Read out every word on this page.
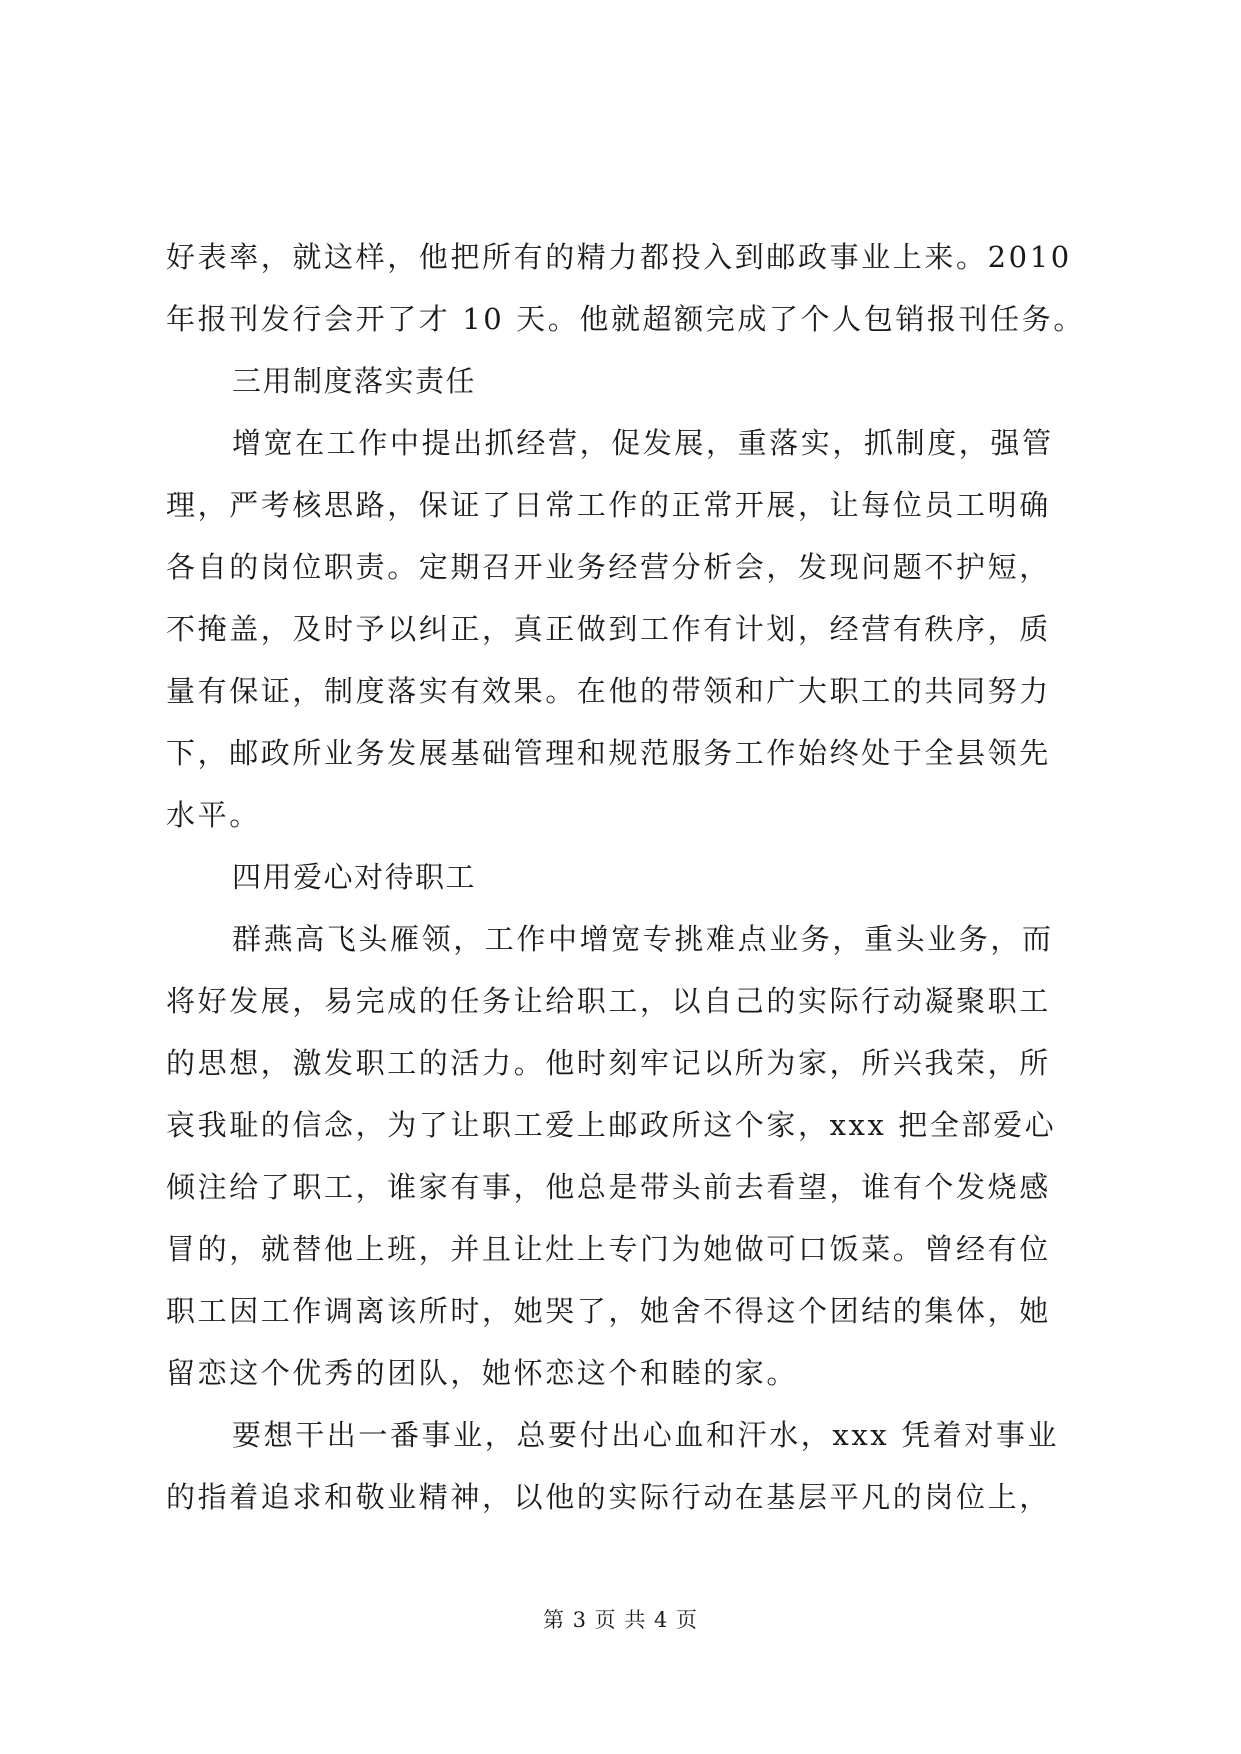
好表率，就这样，他把所有的精力都投入到邮政事业上来。2010
年报刊发行会开了才 10 天。他就超额完成了个人包销报刊任务。
三用制度落实责任
增宽在工作中提出抓经营，促发展，重落实，抓制度，强管
理，严考核思路，保证了日常工作的正常开展，让每位员工明确
各自的岗位职责。定期召开业务经营分析会，发现问题不护短，
不掩盖，及时予以纠正，真正做到工作有计划，经营有秩序，质
量有保证，制度落实有效果。在他的带领和广大职工的共同努力
下，邮政所业务发展基础管理和规范服务工作始终处于全县领先
水平。
四用爱心对待职工
群燕高飞头雁领，工作中增宽专挑难点业务，重头业务，而
将好发展，易完成的任务让给职工，以自己的实际行动凝聚职工
的思想，激发职工的活力。他时刻牢记以所为家，所兴我荣，所
哀我耻的信念，为了让职工爱上邮政所这个家，xxx 把全部爱心
倾注给了职工，谁家有事，他总是带头前去看望，谁有个发烧感
冒的，就替他上班，并且让灶上专门为她做可口饭菜。曾经有位
职工因工作调离该所时，她哭了，她舍不得这个团结的集体，她
留恋这个优秀的团队，她怀恋这个和睦的家。
要想干出一番事业，总要付出心血和汗水，xxx 凭着对事业
的指着追求和敬业精神，以他的实际行动在基层平凡的岗位上，
第 3 页 共 4 页
